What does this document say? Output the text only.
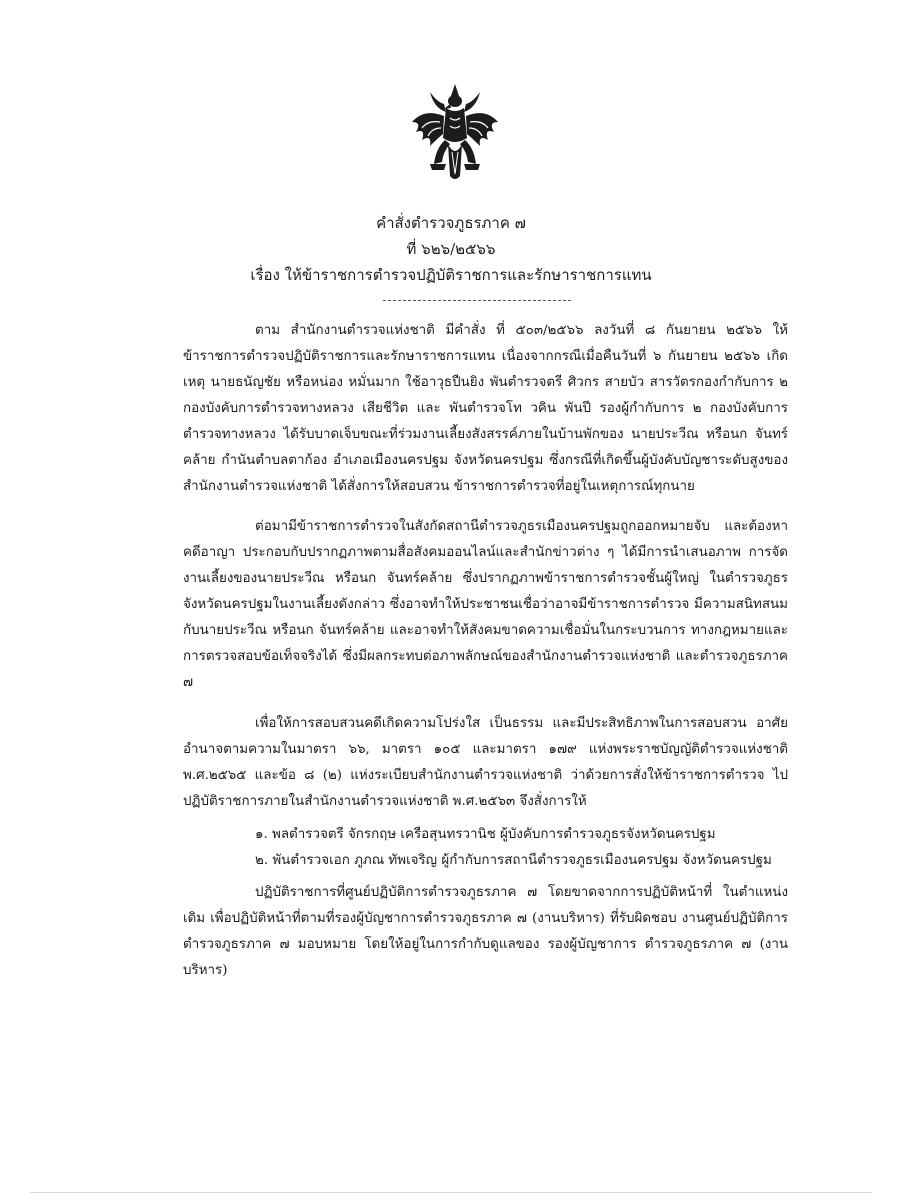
คำสั่งตำรวจภูธรภาค ๗
ที่ ๖๒๖/๒๕๖๖
เรื่อง ให้ข้าราชการตำรวจปฏิบัติราชการและรักษาราชการแทน
ตาม สำนักงานตำรวจแห่งชาติ มีคำสั่ง ที่ ๕๐๓/๒๕๖๖ ลงวันที่ ๘ กันยายน ๒๕๖๖ ให้ข้าราชการตำรวจปฏิบัติราชการและรักษาราชการแทน เนื่องจากกรณีเมื่อคืนวันที่ ๖ กันยายน ๒๕๖๖ เกิดเหตุ นายธนัญชัย หรือหน่อง หมั่นมาก ใช้อาวุธปืนยิง พันตำรวจตรี ศิวกร สายบัว สารวัตรกองกำกับการ ๒ กองบังคับการตำรวจทางหลวง เสียชีวิต และ พันตำรวจโท วคิน พันปี รองผู้กำกับการ ๒ กองบังคับการตำรวจทางหลวง ได้รับบาดเจ็บขณะที่ร่วมงานเลี้ยงสังสรรค์ภายในบ้านพักของ นายประวีณ หรือนก จันทร์คล้าย กำนันตำบลตาก้อง อำเภอเมืองนครปฐม จังหวัดนครปฐม ซึ่งกรณีที่เกิดขึ้นผู้บังคับบัญชาระดับสูงของสำนักงานตำรวจแห่งชาติ ได้สั่งการให้สอบสวน ข้าราชการตำรวจที่อยู่ในเหตุการณ์ทุกนาย
ต่อมามีข้าราชการตำรวจในสังกัดสถานีตำรวจภูธรเมืองนครปฐมถูกออกหมายจับ และต้องหาคดีอาญา ประกอบกับปรากฏภาพตามสื่อสังคมออนไลน์และสำนักข่าวต่าง ๆ ได้มีการนำเสนอภาพ การจัดงานเลี้ยงของนายประวีณ หรือนก จันทร์คล้าย ซึ่งปรากฏภาพข้าราชการตำรวจชั้นผู้ใหญ่ ในตำรวจภูธรจังหวัดนครปฐมในงานเลี้ยงดังกล่าว ซึ่งอาจทำให้ประชาชนเชื่อว่าอาจมีข้าราชการตำรวจ มีความสนิทสนมกับนายประวีณ หรือนก จันทร์คล้าย และอาจทำให้สังคมขาดความเชื่อมั่นในกระบวนการ ทางกฎหมายและการตรวจสอบข้อเท็จจริงได้ ซึ่งมีผลกระทบต่อภาพลักษณ์ของสำนักงานตำรวจแห่งชาติ และตำรวจภูธรภาค ๗
เพื่อให้การสอบสวนคดีเกิดความโปร่งใส เป็นธรรม และมีประสิทธิภาพในการสอบสวน อาศัยอำนาจตามความในมาตรา ๖๖, มาตรา ๑๐๕ และมาตรา ๑๗๙ แห่งพระราชบัญญัติตำรวจแห่งชาติ พ.ศ.๒๕๖๕ และข้อ ๘ (๒) แห่งระเบียบสำนักงานตำรวจแห่งชาติ ว่าด้วยการสั่งให้ข้าราชการตำรวจ ไปปฏิบัติราชการภายในสำนักงานตำรวจแห่งชาติ พ.ศ.๒๕๖๓ จึงสั่งการให้
๑. พลตำรวจตรี จักรกฤษ เครือสุนทรวานิช ผู้บังคับการตำรวจภูธรจังหวัดนครปฐม
๒. พันตำรวจเอก ภูภณ ทัพเจริญ ผู้กำกับการสถานีตำรวจภูธรเมืองนครปฐม จังหวัดนครปฐม
ปฏิบัติราชการที่ศูนย์ปฏิบัติการตำรวจภูธรภาค ๗ โดยขาดจากการปฏิบัติหน้าที่ ในตำแหน่งเดิม เพื่อปฏิบัติหน้าที่ตามที่รองผู้บัญชาการตำรวจภูธรภาค ๗ (งานบริหาร) ที่รับผิดชอบ งานศูนย์ปฏิบัติการตำรวจภูธรภาค ๗ มอบหมาย โดยให้อยู่ในการกำกับดูแลของ รองผู้บัญชาการ ตำรวจภูธรภาค ๗ (งานบริหาร)
